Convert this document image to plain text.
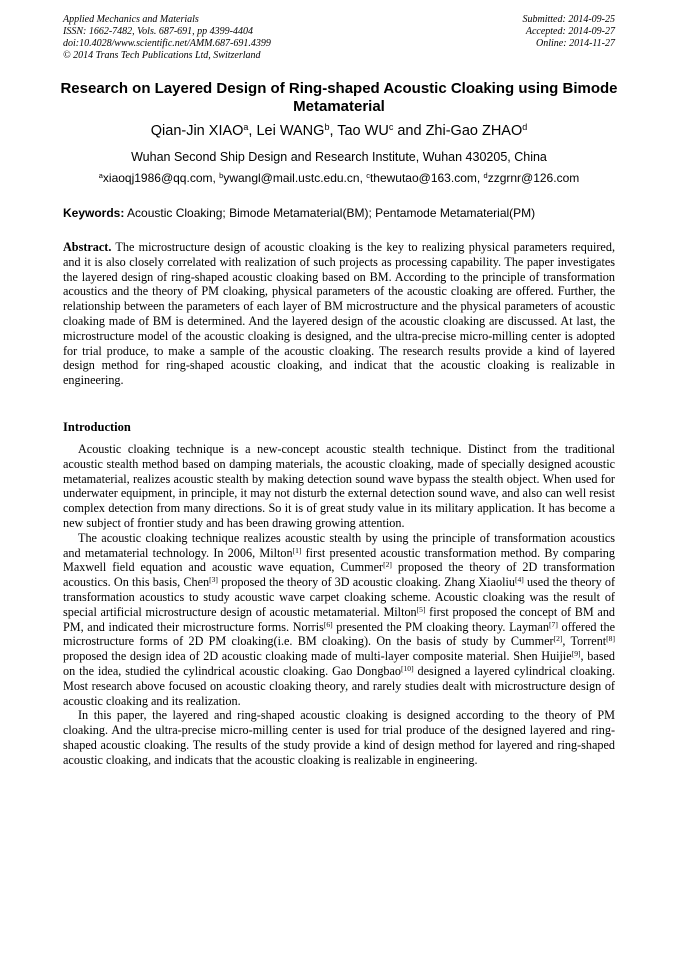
Applied Mechanics and Materials
ISSN: 1662-7482, Vols. 687-691, pp 4399-4404
doi:10.4028/www.scientific.net/AMM.687-691.4399
© 2014 Trans Tech Publications Ltd, Switzerland
Submitted: 2014-09-25
Accepted: 2014-09-27
Online: 2014-11-27
Research on Layered Design of Ring-shaped Acoustic Cloaking using Bimode Metamaterial
Qian-Jin XIAO$^a$, Lei WANG$^b$, Tao $WU^c$ and Zhi-Gao ZHAO$^d$
Wuhan Second Ship Design and Research Institute, Wuhan 430205, China
$^a$xiaoqj1986@qq.com, $^b$ywangl@mail.ustc.edu.cn, $^c$thewutao@163.com, $^d$zzgrnr@126.com
Keywords: Acoustic Cloaking; Bimode Metamaterial(BM); Pentamode Metamaterial(PM)
Abstract. The microstructure design of acoustic cloaking is the key to realizing physical parameters required, and it is also closely correlated with realization of such projects as processing capability. The paper investigates the layered design of ring-shaped acoustic cloaking based on BM. According to the principle of transformation acoustics and the theory of PM cloaking, physical parameters of the acoustic cloaking are offered. Further, the relationship between the parameters of each layer of BM microstructure and the physical parameters of acoustic cloaking made of BM is determined. And the layered design of the acoustic cloaking are discussed. At last, the microstructure model of the acoustic cloaking is designed, and the ultra-precise micro-milling center is adopted for trial produce, to make a sample of the acoustic cloaking. The research results provide a kind of layered design method for ring-shaped acoustic cloaking, and indicat that the acoustic cloaking is realizable in engineering.
Introduction

Acoustic cloaking technique is a new-concept acoustic stealth technique. Distinct from the traditional acoustic stealth method based on damping materials, the acoustic cloaking, made of specially designed acoustic metamaterial, realizes acoustic stealth by making detection sound wave bypass the stealth object. When used for underwater equipment, in principle, it may not disturb the external detection sound wave, and also can well resist complex detection from many directions. So it is of great study value in its military application. It has become a new subject of frontier study and has been drawing growing attention.

The acoustic cloaking technique realizes acoustic stealth by using the principle of transformation acoustics and metamaterial technology. In 2006, Milton[1] first presented acoustic transformation method. By comparing Maxwell field equation and acoustic wave equation, Cummer[2] proposed the theory of 2D transformation acoustics. On this basis, Chen[3] proposed the theory of 3D acoustic cloaking. Zhang Xiaoliu[4] used the theory of transformation acoustics to study acoustic wave carpet cloaking scheme. Acoustic cloaking was the result of special artificial microstructure design of acoustic metamaterial. Milton[5] first proposed the concept of BM and PM, and indicated their microstructure forms. Norris[6] presented the PM cloaking theory. Layman[7] offered the microstructure forms of 2D PM cloaking(i.e. BM cloaking). On the basis of study by Cummer[2], Torrent[8] proposed the design idea of 2D acoustic cloaking made of multi-layer composite material. Shen Huijie[9], based on the idea, studied the cylindrical acoustic cloaking. Gao Dongbao[10] designed a layered cylindrical cloaking. Most research above focused on acoustic cloaking theory, and rarely studies dealt with microstructure design of acoustic cloaking and its realization.

In this paper, the layered and ring-shaped acoustic cloaking is designed according to the theory of PM cloaking. And the ultra-precise micro-milling center is used for trial produce of the designed layered and ring-shaped acoustic cloaking. The results of the study provide a kind of design method for layered and ring-shaped acoustic cloaking, and indicats that the acoustic cloaking is realizable in engineering.
